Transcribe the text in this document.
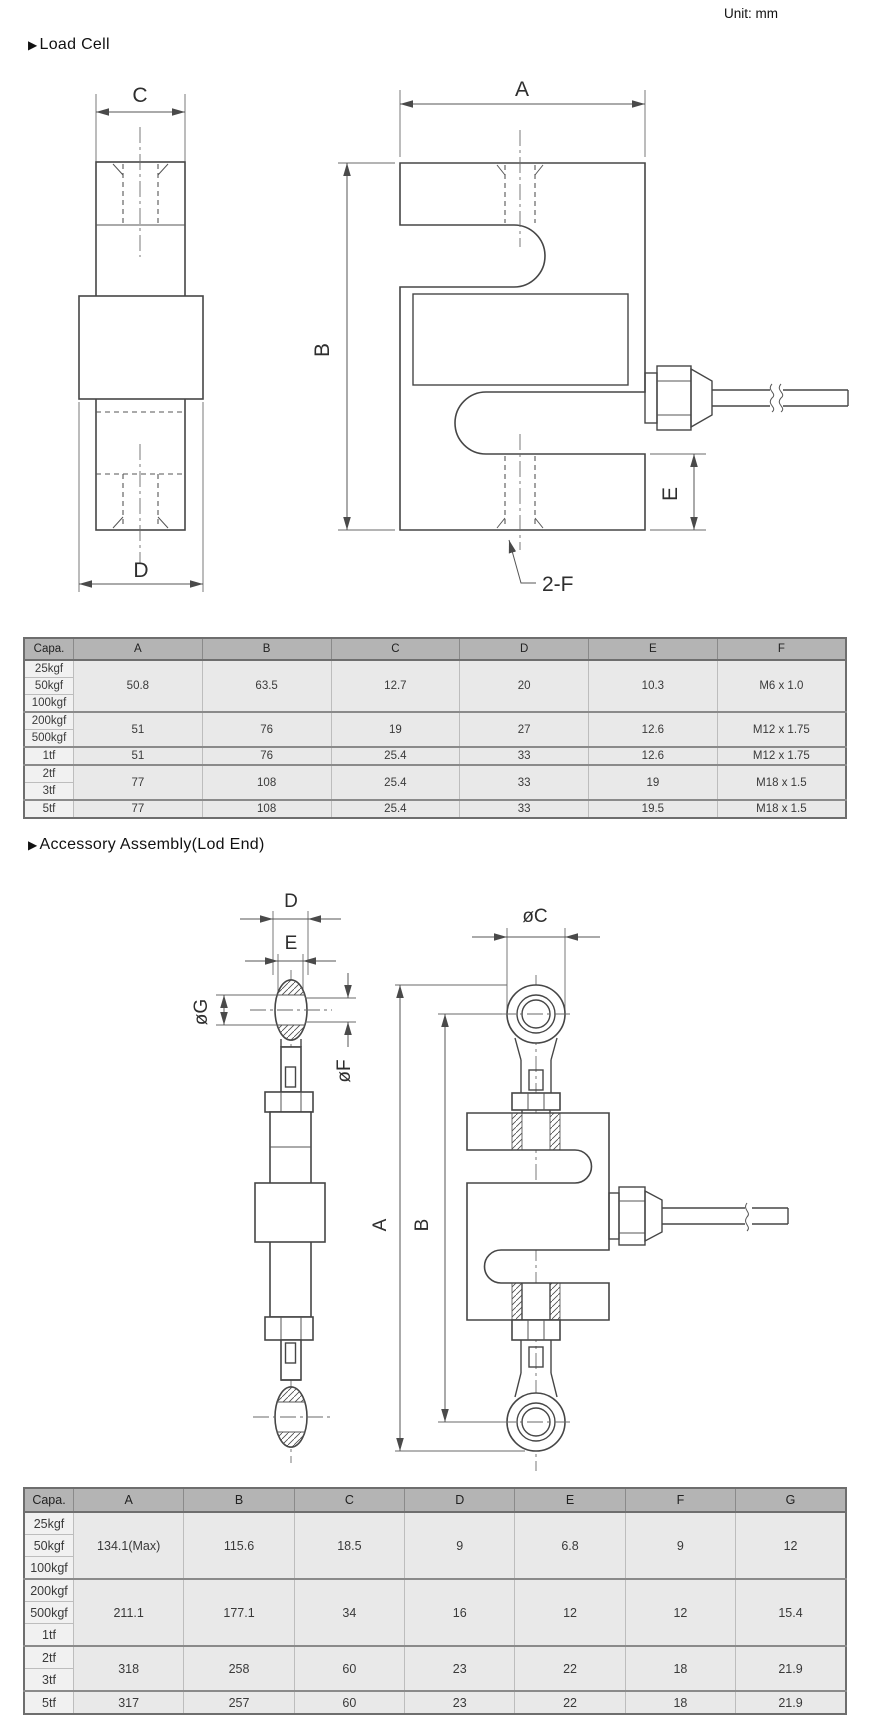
Unit: mm
▶ Load Cell
C
D
A
B
E
2-F
Capa.	A	B	C	D	E	F
25kgf	50.8	63.5	12.7	20	10.3	M6 x 1.0
50kgf						
100kgf						
200kgf	51	76	19	27	12.6	M12 x 1.75
500kgf						
1tf	51	76	25.4	33	12.6	M12 x 1.75
2tf	77	108	25.4	33	19	M18 x 1.5
3tf						
5tf	77	108	25.4	33	19.5	M18 x 1.5
▶ Accessory Assembly(Lod End)
D
E
øG
øF
øC
A B
Capa.	A	B	C	D	E	F	G
25kgf	134.1(Max)	115.6	18.5	9	6.8	9	12
50kgf							
100kgf							
200kgf	211.1	177.1	34	16	12	12	15.4
500kgf							
1tf							
2tf	318	258	60	23	22	18	21.9
3tf							
5tf	317	257	60	23	22	18	21.9
